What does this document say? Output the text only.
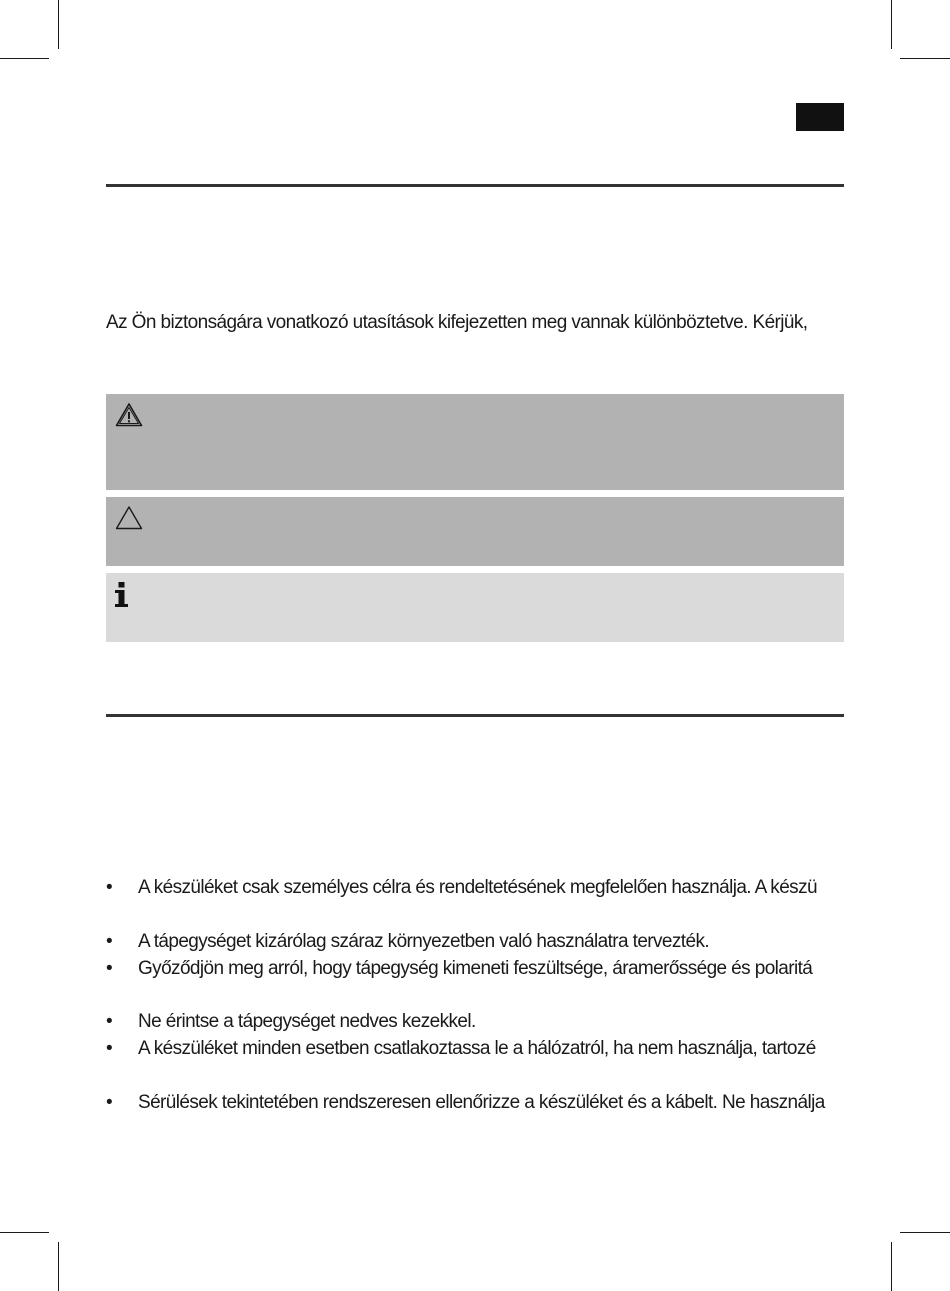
Az Ön biztonságára vonatkozó utasítások kifejezetten meg vannak különböztetve. Kérjük,
•	A készüléket csak személyes célra és rendeltetésének megfelelően használja. A készü
•	A tápegységet kizárólag száraz környezetben való használatra tervezték.
•	Győződjön meg arról, hogy tápegység kimeneti feszültsége, áramerőssége és polaritá
•	Ne érintse a tápegységet nedves kezekkel.
•	A készüléket minden esetben csatlakoztassa le a hálózatról, ha nem használja, tartozé
•	Sérülések tekintetében rendszeresen ellenőrizze a készüléket és a kábelt. Ne használja
